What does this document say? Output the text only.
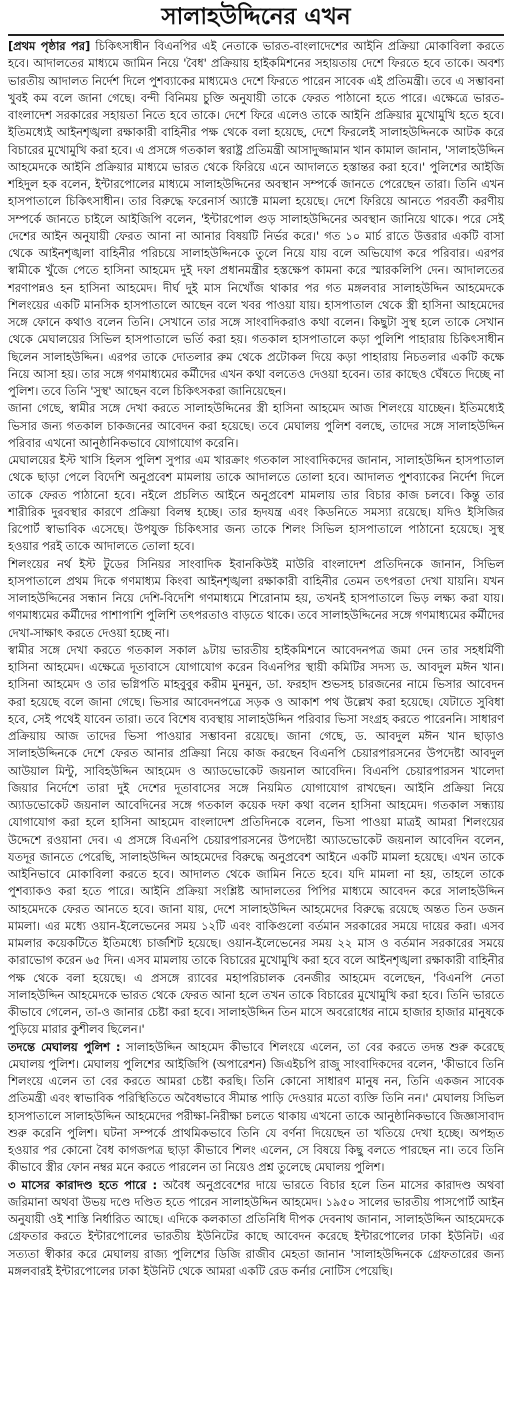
সালাহউদ্দিনের এখন

[প্রথম পৃষ্ঠার পর] চিকিৎসাধীন বিএনপির এই নেতাকে ভারত-বাংলাদেশের আইনি প্রক্রিয়া মোকাবিলা করতে হবে। আদালতের মাধ্যমে জামিন নিয়ে 'বৈধ' প্রক্রিয়ায় হাইকমিশনের সহায়তায় দেশে ফিরতে হবে তাকে। অবশ্য ভারতীয় আদালত নির্দেশ দিলে পুশব্যাকের মাধ্যমেও দেশে ফিরতে পারেন সাবেক এই প্রতিমন্ত্রী। তবে এ সম্ভাবনা খুবই কম বলে জানা গেছে। বন্দী বিনিময় চুক্তি অনুযায়ী তাকে ফেরত পাঠানো হতে পারে। এক্ষেত্রে ভারত-বাংলাদেশ সরকারের সহায়তা নিতে হবে তাকে। দেশে ফিরে এলেও তাকে আইনি প্রক্রিয়ার মুখোমুখি হতে হবে। ইতিমধ্যেই আইনশৃঙ্খলা রক্ষাকারী বাহিনীর পক্ষ থেকে বলা হয়েছে, দেশে ফিরলেই সালাহউদ্দিনকে আটক করে বিচারের মুখোমুখি করা হবে। এ প্রসঙ্গে গতকাল স্বরাষ্ট্র প্রতিমন্ত্রী আসাদুজ্জামান খান কামাল জানান, 'সালাহউদ্দিন আহমেদকে আইনি প্রক্রিয়ার মাধ্যমে ভারত থেকে ফিরিয়ে এনে আদালতে হস্তান্তর করা হবে।' পুলিশের আইজি শহিদুল হক বলেন, ইন্টারপোলের মাধ্যমে সালাহউদ্দিনের অবস্থান সম্পর্কে জানতে পেরেছেন তারা। তিনি এখন হাসপাতালে চিকিৎসাধীন। তার বিরুদ্ধে ফরেনার্স অ্যাক্টে মামলা হয়েছে। দেশে ফিরিয়ে আনতে পরবর্তী করণীয় সম্পর্কে জানতে চাইলে আইজিপি বলেন, 'ইন্টারপোল গুড় সালাহউদ্দিনের অবস্থান জানিয়ে থাকে। পরে সেই দেশের আইন অনুযায়ী ফেরত আনা না আনার বিষয়টি নির্ভর করে।' গত ১০ মার্চ রাতে উত্তরার একটি বাসা থেকে আইনশৃঙ্খলা বাহিনীর পরিচয়ে সালাহউদ্দিনকে তুলে নিয়ে যায় বলে অভিযোগ করে পরিবার। এরপর স্বামীকে খুঁজে পেতে হাসিনা আহমেদ দুই দফা প্রধানমন্ত্রীর হস্তক্ষেপ কামনা করে স্মারকলিপি দেন। আদালতের শরণাপন্নও হন হাসিনা আহমেদ। দীর্ঘ দুই মাস নিখোঁজ থাকার পর গত মঙ্গলবার সালাহউদ্দিন আহমেদকে শিলংয়ের একটি মানসিক হাসপাতালে আছেন বলে খবর পাওয়া যায়। হাসপাতাল থেকে স্ত্রী হাসিনা আহমেদের সঙ্গে ফোনে কথাও বলেন তিনি। সেখানে তার সঙ্গে সাংবাদিকরাও কথা বলেন। কিছুটা সুস্থ হলে তাকে সেখান থেকে মেঘালয়ের সিভিল হাসপাতালে ভর্তি করা হয়। গতকাল হাসপাতালে কড়া পুলিশি পাহারায় চিকিৎসাধীন ছিলেন সালাহউদ্দিন। এরপর তাকে দোতলার রুম থেকে প্রটোকল দিয়ে কড়া পাহারায় নিচতলার একটি কক্ষে নিয়ে আসা হয়। তার সঙ্গে গণমাধ্যমের কর্মীদের এখন কথা বলতেও দেওয়া হবেন। তার কাছেও ঘেঁষতে দিচ্ছে না পুলিশ। তবে তিনি 'সুস্থ' আছেন বলে চিকিৎসকরা জানিয়েছেন।

জানা গেছে, স্বামীর সঙ্গে দেখা করতে সালাহউদ্দিনের স্ত্রী হাসিনা আহমেদ আজ শিলংয়ে যাচ্ছেন। ইতিমধ্যেই ভিসার জন্য গতকাল চাকজনের আবেদন করা হয়েছে। তবে মেঘালয় পুলিশ বলছে, তাদের সঙ্গে সালাহউদ্দিন পরিবার এখনো আনুষ্ঠানিকভাবে যোগাযোগ করেনি।

মেঘালয়ের ইস্ট খাসি হিলস পুলিশ সুপার এম খারক্রাং গতকাল সাংবাদিকদের জানান, সালাহউদ্দিন হাসপাতাল থেকে ছাড়া পেলে বিদেশি অনুপ্রবেশ মামলায় তাকে আদালতে তোলা হবে। আদালত পুশব্যাকের নির্দেশ দিলে তাকে ফেরত পাঠানো হবে। নইলে প্রচলিত আইনে অনুপ্রবেশ মামলায় তার বিচার কাজ চলবে। কিন্তু তার শারীরিক দুরবস্থার কারণে প্রক্রিয়া বিলম্ব হচ্ছে। তার হৃদযন্ত্র এবং কিডনিতে সমস্যা রয়েছে। যদিও ইসিজির রিপোর্ট স্বাভাবিক এসেছে। উপযুক্ত চিকিৎসার জন্য তাকে শিলং সিভিল হাসপাতালে পাঠানো হয়েছে। সুস্থ হওয়ার পরই তাকে আদালতে তোলা হবে।

শিলংয়ের নর্থ ইস্ট টুডের সিনিয়র সাংবাদিক ইবানকিউই মাউরি বাংলাদেশ প্রতিদিনকে জানান, সিভিল হাসপাতালে প্রথম দিকে গণমাধ্যম কিংবা আইনশৃঙ্খলা রক্ষাকারী বাহিনীর তেমন তৎপরতা দেখা যায়নি। যখন সালাহউদ্দিনের সন্ধান নিয়ে দেশি-বিদেশি গণমাধ্যমে শিরোনাম হয়, তখনই হাসপাতালে ভিড় লক্ষ্য করা যায়। গণমাধ্যমের কর্মীদের পাশাপাশি পুলিশি তৎপরতাও বাড়তে থাকে। তবে সালাহউদ্দিনের সঙ্গে গণমাধ্যমের কর্মীদের দেখা-সাক্ষাৎ করতে দেওয়া হচ্ছে না।

স্বামীর সঙ্গে দেখা করতে গতকাল সকাল ৯টায় ভারতীয় হাইকমিশনে আবেদনপত্র জমা দেন তার সহধর্মিণী হাসিনা আহমেদ। এক্ষেত্রে দূতাবাসে যোগাযোগ করেন বিএনপির স্থায়ী কমিটির সদস্য ড. আবদুল মঈন খান। হাসিনা আহমেদ ও তার ভগ্নিপতি মাহবুবুর করীম মুনমুন, ডা. ফরহাদ শুভসহ চারজনের নামে ভিসার আবেদন করা হয়েছে বলে জানা গেছে। ভিসার আবেদনপত্রে সড়ক ও আকাশ পথ উল্লেখ করা হয়েছে। যেটাতে সুবিধা হবে, সেই পথেই যাবেন তারা। তবে বিশেষ ব্যবস্থায় সালাহউদ্দিন পরিবার ভিসা সংগ্রহ করতে পারেননি। সাধারণ প্রক্রিয়ায় আজ তাদের ভিসা পাওয়ার সম্ভাবনা রয়েছে। জানা গেছে, ড. আবদুল মঈন খান ছাড়াও সালাহউদ্দিনকে দেশে ফেরত আনার প্রক্রিয়া নিয়ে কাজ করছেন বিএনপি চেয়ারপারসনের উপদেষ্টা আবদুল আউয়াল মিন্টু, সাবিহউদ্দিন আহমেদ ও অ্যাডভোকেট জয়নাল আবেদিন। বিএনপি চেয়ারপারসন খালেদা জিয়ার নির্দেশে তারা দুই দেশের দূতাবাসের সঙ্গে নিয়মিত যোগাযোগ রাখছেন। আইনি প্রক্রিয়া নিয়ে অ্যাডভোকেট জয়নাল আবেদিনের সঙ্গে গতকাল কয়েক দফা কথা বলেন হাসিনা আহমেদ। গতকাল সন্ধ্যায় যোগাযোগ করা হলে হাসিনা আহমেদ বাংলাদেশ প্রতিদিনকে বলেন, ভিসা পাওয়া মাত্রই আমরা শিলংয়ের উদ্দেশে রওয়ানা দেব। এ প্রসঙ্গে বিএনপি চেয়ারপারসনের উপদেষ্টা অ্যাডভোকেট জয়নাল আবেদিন বলেন, যতদূর জানতে পেরেছি, সালাহউদ্দিন আহমেদের বিরুদ্ধে অনুপ্রবেশ আইনে একটি মামলা হয়েছে। এখন তাকে আইনিভাবে মোকাবিলা করতে হবে। আদালত থেকে জামিন নিতে হবে। যদি মামলা না হয়, তাহলে তাকে পুশব্যাকও করা হতে পারে। আইনি প্রক্রিয়া সংশ্লিষ্ট আদালতের পিপির মাধ্যমে আবেদন করে সালাহউদ্দিন আহমেদকে ফেরত আনতে হবে। জানা যায়, দেশে সালাহউদ্দিন আহমেদের বিরুদ্ধে রয়েছে অন্তত তিন ডজন মামলা। এর মধ্যে ওয়ান-ইলেভেনের সময় ১২টি এবং বাকিগুলো বর্তমান সরকারের সময়ে দায়ের করা। এসব মামলার কয়েকটিতে ইতিমধ্যে চার্জশিট হয়েছে। ওয়ান-ইলেভেনের সময় ২২ মাস ও বর্তমান সরকারের সময়ে কারাভোগ করেন ৬৫ দিন। এসব মামলায় তাকে বিচারের মুখোমুখি করা হবে বলে আইনশৃঙ্খলা রক্ষাকারী বাহিনীর পক্ষ থেকে বলা হয়েছে। এ প্রসঙ্গে র‌্যাবের মহাপরিচালক বেনজীর আহমেদ বলেছেন, 'বিএনপি নেতা সালাহউদ্দিন আহমেদকে ভারত থেকে ফেরত আনা হলে তখন তাকে বিচারের মুখোমুখি করা হবে। তিনি ভারতে কীভাবে গেলেন, তা-ও জানার চেষ্টা করা হবে। সালাহউদ্দিন তিন মাসে অবরোধের নামে হাজার হাজার মানুষকে পুড়িয়ে মারার কুশীলব ছিলেন।'

তদন্তে মেঘালয় পুলিশ : সালাহউদ্দিন আহমেদ কীভাবে শিলংয়ে এলেন, তা বের করতে তদন্ত শুরু করেছে মেঘালয় পুলিশ। মেঘালয় পুলিশের আইজিপি (অপারেশন) জিএইচপি রাজু সাংবাদিকদের বলেন, 'কীভাবে তিনি শিলংয়ে এলেন তা বের করতে আমরা চেষ্টা করছি। তিনি কোনো সাধারণ মানুষ নন, তিনি একজন সাবেক প্রতিমন্ত্রী এবং স্বাভাবিক পরিস্থিতিতে অবৈধভাবে সীমান্ত পাড়ি দেওয়ার মতো ব্যক্তি তিনি নন।' মেঘালয় সিভিল হাসপাতালে সালাহউদ্দিন আহমেদের পরীক্ষা-নিরীক্ষা চলতে থাকায় এখনো তাকে আনুষ্ঠানিকভাবে জিজ্ঞাসাবাদ শুরু করেনি পুলিশ। ঘটনা সম্পর্কে প্রাথমিকভাবে তিনি যে বর্ণনা দিয়েছেন তা খতিয়ে দেখা হচ্ছে। অপহৃত হওয়ার পর কোনো বৈধ কাগজপত্র ছাড়া কীভাবে শিলং এলেন, সে বিষয়ে কিছু বলতে পারছেন না। তবে তিনি কীভাবে স্ত্রীর ফোন নম্বর মনে করতে পারলেন তা নিয়েও প্রশ্ন তুলেছে মেঘালয় পুলিশ।

৩ মাসের কারাদণ্ড হতে পারে : অবৈধ অনুপ্রবেশের দায়ে ভারতে বিচার হলে তিন মাসের কারাদণ্ড অথবা জরিমানা অথবা উভয় দণ্ডে দণ্ডিত হতে পারেন সালাহউদ্দিন আহমেদ। ১৯৫০ সালের ভারতীয় পাসপোর্ট আইন অনুযায়ী ওই শাস্তি নির্ধারিত আছে। এদিকে কলকাতা প্রতিনিধি দীপক দেবনাথ জানান, সালাহউদ্দিন আহমেদকে গ্রেফতার করতে ইন্টারপোলের ভারতীয় ইউনিটের কাছে আবেদন করেছে ইন্টারপোলের ঢাকা ইউনিট। এর সত্যতা স্বীকার করে মেঘালয় রাজ্য পুলিশের ডিজি রাজীব মেহতা জানান 'সালাহউদ্দিনকে গ্রেফতারের জন্য মঙ্গলবারই ইন্টারপোলের ঢাকা ইউনিট থেকে আমরা একটি রেড কর্নার নোটিস পেয়েছি।
